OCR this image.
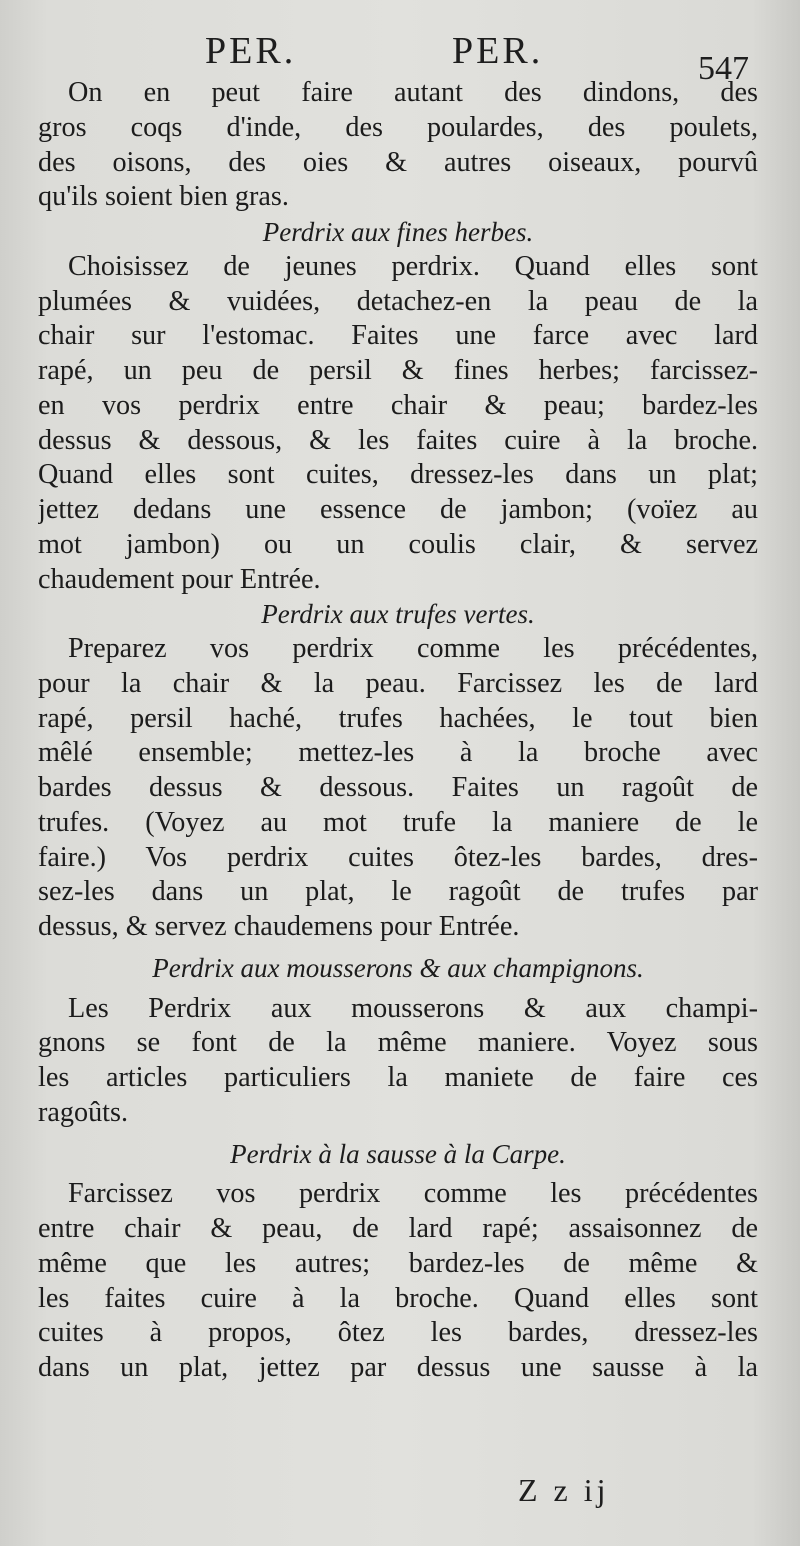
PER.	PER.	547
On en peut faire autant des dindons, des
gros coqs d'inde, des poulardes, des poulets,
des oisons, des oies & autres oiseaux, pourvû
qu'ils soient bien gras.
Perdrix aux fines herbes.
Choisissez de jeunes perdrix. Quand elles sont
plumées & vuidées, detachez-en la peau de la
chair sur l'estomac. Faites une farce avec lard
rapé, un peu de persil & fines herbes; farcissez-
en vos perdrix entre chair & peau; bardez-les
dessus & dessous, & les faites cuire à la broche.
Quand elles sont cuites, dressez-les dans un plat;
jettez dedans une essence de jambon; (voïez au
mot jambon) ou un coulis clair, & servez
chaudement pour Entrée.
Perdrix aux trufes vertes.
Preparez vos perdrix comme les précédentes,
pour la chair & la peau. Farcissez les de lard
rapé, persil haché, trufes hachées, le tout bien
mêlé ensemble; mettez-les à la broche avec
bardes dessus & dessous. Faites un ragoût de
trufes. (Voyez au mot trufe la maniere de le
faire.) Vos perdrix cuites ôtez-les bardes, dres-
sez-les dans un plat, le ragoût de trufes par
dessus, & servez chaudemens pour Entrée.
Perdrix aux mousserons & aux champignons.
Les Perdrix aux mousserons & aux champi-
gnons se font de la même maniere. Voyez sous
les articles particuliers la maniete de faire ces
ragoûts.
Perdrix à la sausse à la Carpe.
Farcissez vos perdrix comme les précédentes
entre chair & peau, de lard rapé; assaisonnez de
même que les autres; bardez-les de même &
les faites cuire à la broche. Quand elles sont
cuites à propos, ôtez les bardes, dressez-les
dans un plat, jettez par dessus une sausse à la
Z z ij
